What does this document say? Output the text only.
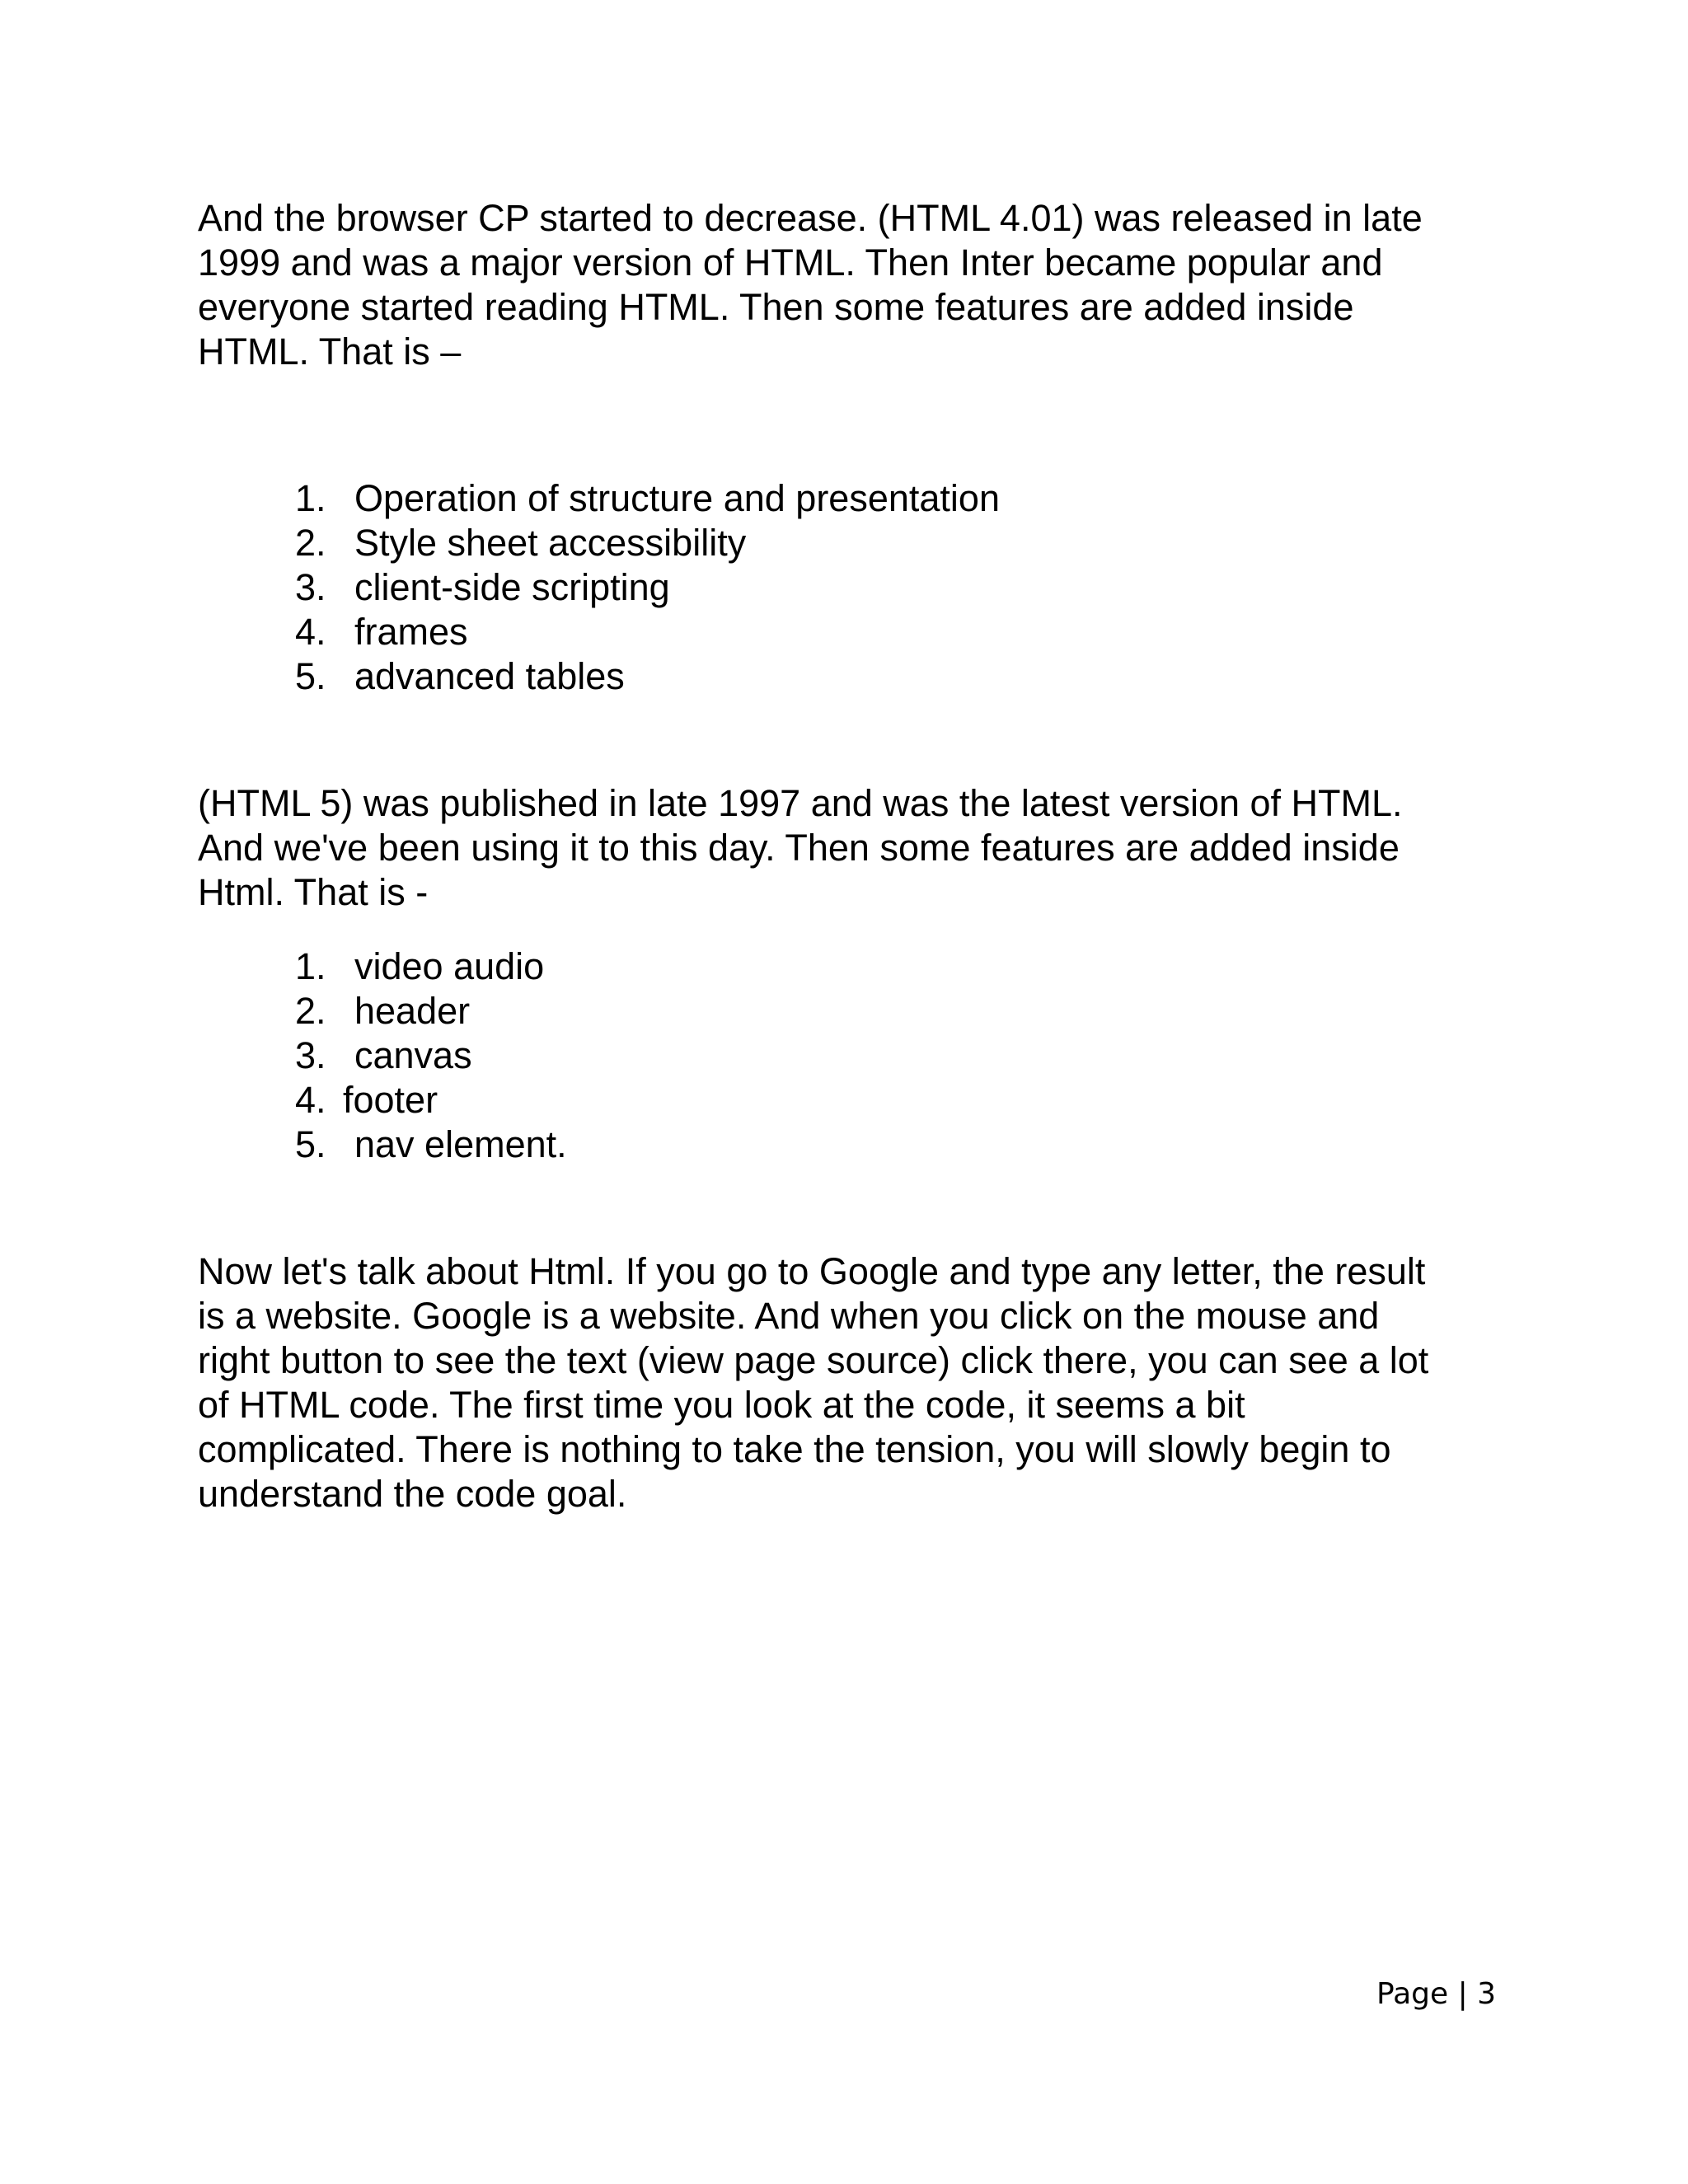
And the browser CP started to decrease. (HTML 4.01) was released in late
1999 and was a major version of HTML. Then Inter became popular and
everyone started reading HTML. Then some features are added inside
HTML. That is –

1. Operation of structure and presentation
2. Style sheet accessibility
3. client-side scripting
4. frames
5. advanced tables

(HTML 5) was published in late 1997 and was the latest version of HTML.
And we've been using it to this day. Then some features are added inside
Html. That is -

1. video audio
2. header
3. canvas
4. footer
5. nav element.

Now let's talk about Html. If you go to Google and type any letter, the result
is a website. Google is a website. And when you click on the mouse and
right button to see the text (view page source) click there, you can see a lot
of HTML code. The first time you look at the code, it seems a bit
complicated. There is nothing to take the tension, you will slowly begin to
understand the code goal.

Page | 3
